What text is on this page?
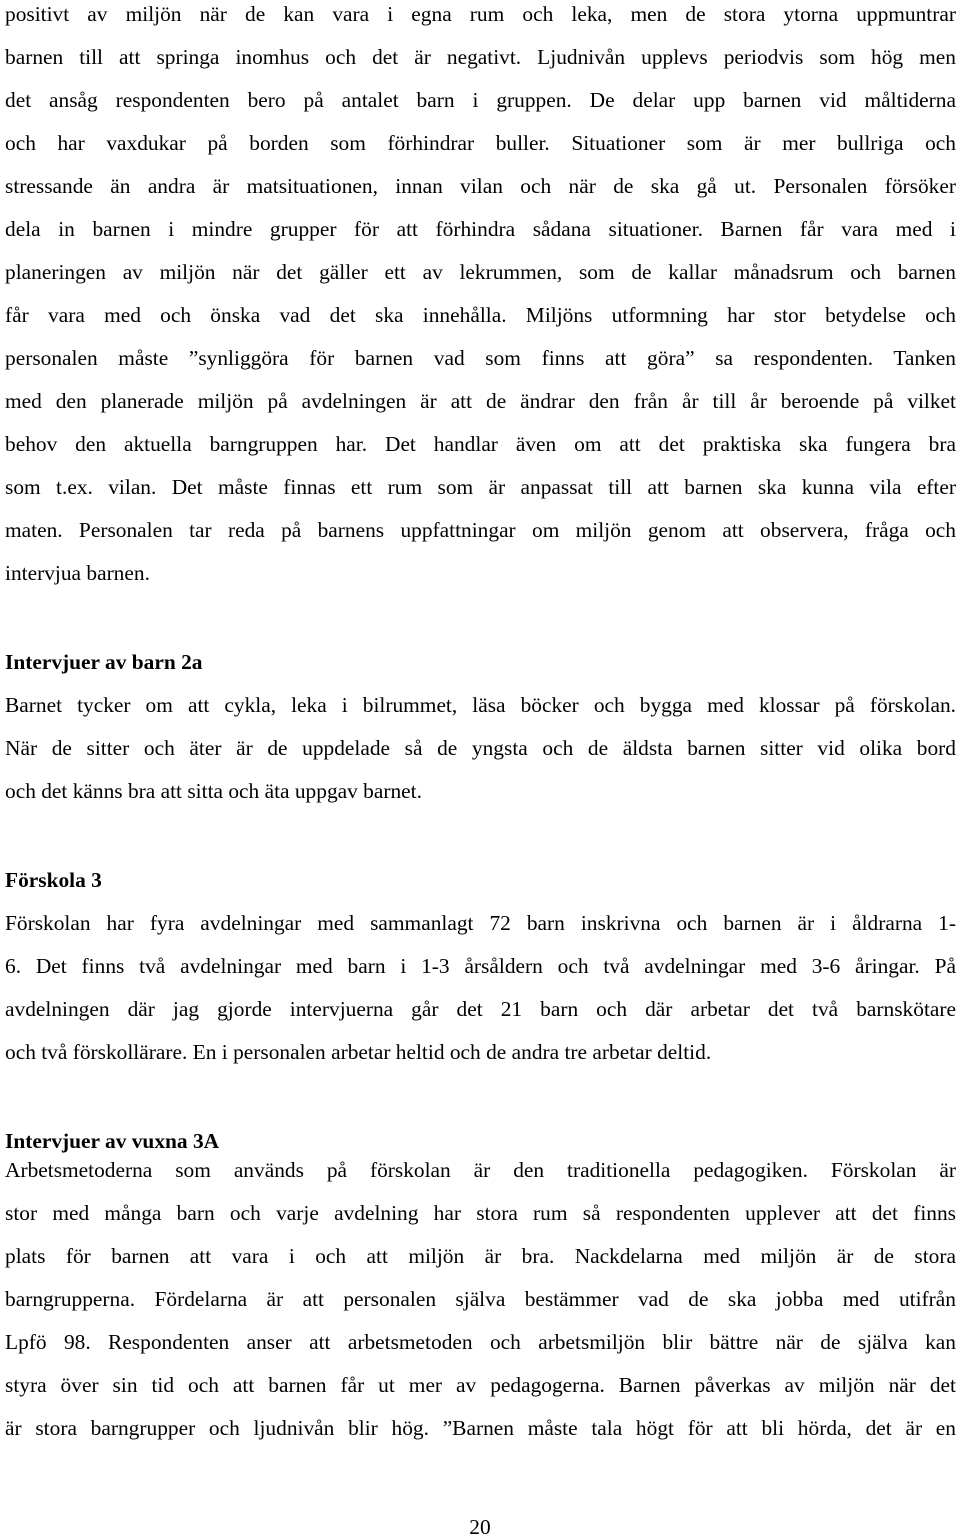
positivt av miljön när de kan vara i egna rum och leka, men de stora ytorna uppmuntrar
barnen till att springa inomhus och det är negativt. Ljudnivån upplevs periodvis som hög men
det ansåg respondenten bero på antalet barn i gruppen. De delar upp barnen vid måltiderna
och har vaxdukar på borden som förhindrar buller. Situationer som är mer bullriga och
stressande än andra är matsituationen, innan vilan och när de ska gå ut. Personalen försöker
dela in barnen i mindre grupper för att förhindra sådana situationer. Barnen får vara med i
planeringen av miljön när det gäller ett av lekrummen, som de kallar månadsrum och barnen
får vara med och önska vad det ska innehålla. Miljöns utformning har stor betydelse och
personalen måste ”synliggöra för barnen vad som finns att göra” sa respondenten. Tanken
med den planerade miljön på avdelningen är att de ändrar den från år till år beroende på vilket
behov den aktuella barngruppen har. Det handlar även om att det praktiska ska fungera bra
som t.ex. vilan. Det måste finnas ett rum som är anpassat till att barnen ska kunna vila efter
maten. Personalen tar reda på barnens uppfattningar om miljön genom att observera, fråga och
intervjua barnen.
Intervjuer av barn 2a
Barnet tycker om att cykla, leka i bilrummet, läsa böcker och bygga med klossar på förskolan.
När de sitter och äter är de uppdelade så de yngsta och de äldsta barnen sitter vid olika bord
och det känns bra att sitta och äta uppgav barnet.
Förskola 3
Förskolan har fyra avdelningar med sammanlagt 72 barn inskrivna och barnen är i åldrarna 1-
6. Det finns två avdelningar med barn i 1-3 årsåldern och två avdelningar med 3-6 åringar. På
avdelningen där jag gjorde intervjuerna går det 21 barn och där arbetar det två barnskötare
och två förskollärare. En i personalen arbetar heltid och de andra tre arbetar deltid.
Intervjuer av vuxna 3A
Arbetsmetoderna som används på förskolan är den traditionella pedagogiken. Förskolan är
stor med många barn och varje avdelning har stora rum så respondenten upplever att det finns
plats för barnen att vara i och att miljön är bra. Nackdelarna med miljön är de stora
barngrupperna. Fördelarna är att personalen själva bestämmer vad de ska jobba med utifrån
Lpfö 98. Respondenten anser att arbetsmetoden och arbetsmiljön blir bättre när de själva kan
styra över sin tid och att barnen får ut mer av pedagogerna. Barnen påverkas av miljön när det
är stora barngrupper och ljudnivån blir hög. ”Barnen måste tala högt för att bli hörda, det är en
20
